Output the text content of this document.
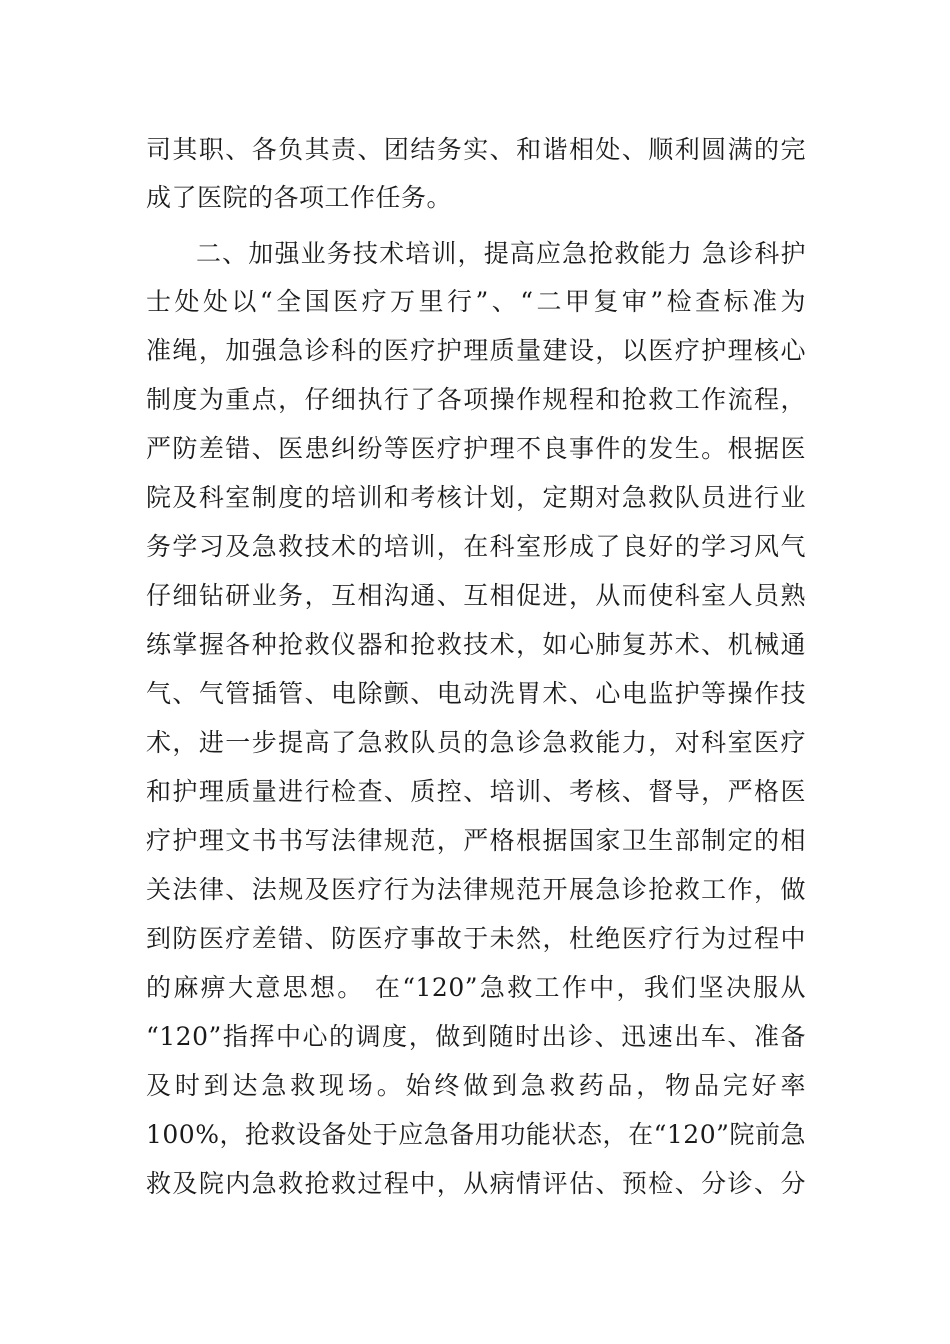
司其职、各负其责、团结务实、和谐相处、顺利圆满的完
成了医院的各项工作任务。
二、加强业务技术培训，提高应急抢救能力 急诊科护
士处处以“全国医疗万里行”、“二甲复审”检查标准为
准绳，加强急诊科的医疗护理质量建设，以医疗护理核心
制度为重点，仔细执行了各项操作规程和抢救工作流程，
严防差错、医患纠纷等医疗护理不良事件的发生。根据医
院及科室制度的培训和考核计划，定期对急救队员进行业
务学习及急救技术的培训，在科室形成了良好的学习风气
仔细钻研业务，互相沟通、互相促进，从而使科室人员熟
练掌握各种抢救仪器和抢救技术，如心肺复苏术、机械通
气、气管插管、电除颤、电动洗胃术、心电监护等操作技
术，进一步提高了急救队员的急诊急救能力，对科室医疗
和护理质量进行检查、质控、培训、考核、督导，严格医
疗护理文书书写法律规范，严格根据国家卫生部制定的相
关法律、法规及医疗行为法律规范开展急诊抢救工作，做
到防医疗差错、防医疗事故于未然，杜绝医疗行为过程中
的麻痹大意思想。 在“120”急救工作中，我们坚决服从
“120”指挥中心的调度，做到随时出诊、迅速出车、准备
及时到达急救现场。始终做到急救药品，物品完好率
100%，抢救设备处于应急备用功能状态，在“120”院前急
救及院内急救抢救过程中，从病情评估、预检、分诊、分
